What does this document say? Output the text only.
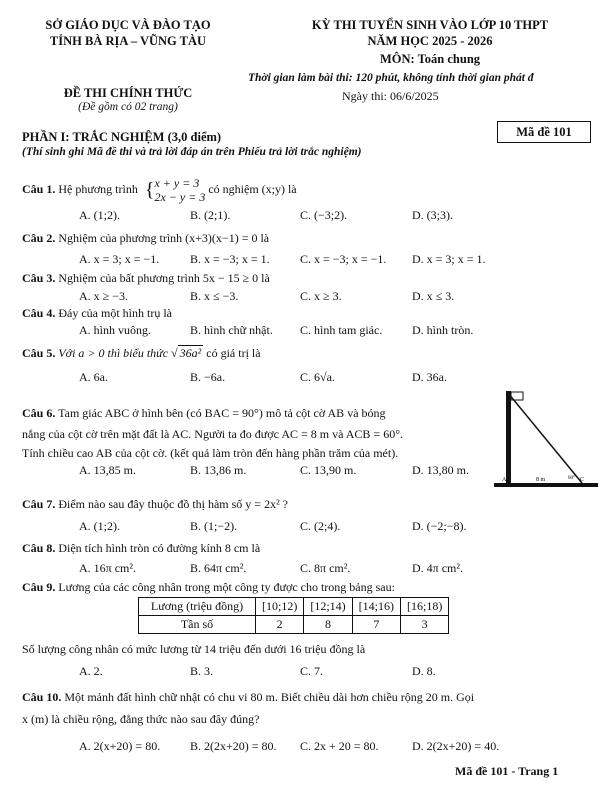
SỞ GIÁO DỤC VÀ ĐÀO TẠO
TỈNH BÀ RỊA – VŨNG TÀU
ĐỀ THI CHÍNH THỨC
(Đề gồm có 02 trang)
KỲ THI TUYỂN SINH VÀO LỚP 10 THPT
NĂM HỌC 2025 - 2026
MÔN: Toán chung
Thời gian làm bài thi: 120 phút, không tính thời gian phát đ
Ngày thi: 06/6/2025
Mã đề 101
PHẦN I: TRẮC NGHIỆM (3,0 điểm)
(Thí sinh ghi Mã đề thi và trả lời đáp án trên Phiếu trả lời trắc nghiệm)
Câu 1. Hệ phương trình {x + y = 3
2x − y = 3 có nghiệm (x;y) là
A. (1;2).	B. (2;1).	C. (−3;2).	D. (3;3).
Câu 2. Nghiệm của phương trình (x+3)(x−1) = 0 là
A. x = 3; x = −1.	B. x = −3; x = 1.	C. x = −3; x = −1. D. x = 3; x = 1.
Câu 3. Nghiệm của bất phương trình 5x − 15 ≥ 0 là
A. x ≥ −3.	B. x ≤ −3.	C. x ≥ 3.	D. x ≤ 3.
Câu 4. Đáy của một hình trụ là
A. hình vuông.	B. hình chữ nhật. C. hình tam giác. D. hình tròn.
Câu 5. Với a > 0 thì biểu thức √ 36a² có giá trị là
A. 6a.	B. −6a.	C. 6√a.	D. 36a.
Câu 6. Tam giác ABC ở hình bên (có BAC = 90°) mô tả cột cờ AB và bóng
nắng của cột cờ trên mặt đất là AC. Người ta đo được AC = 8 m và ACB = 60°.
Tính chiều cao AB của cột cờ. (kết quả làm tròn đến hàng phần trăm của mét).
A. 13,85 m.	B. 13,86 m.	C. 13,90 m.	D. 13,80 m.
A	8 m	C
60°
Câu 7. Điểm nào sau đây thuộc đồ thị hàm số y = 2x² ?
A. (1;2).	B. (1;−2).	C. (2;4).	D. (−2;−8).
Câu 8. Diện tích hình tròn có đường kính 8 cm là
A. 16π cm².	B. 64π cm².	C. 8π cm².	D. 4π cm².
Câu 9. Lương của các công nhân trong một công ty được cho trong bảng sau:
Lương (triệu đồng)	[10;12)	[12;14)	[14;16)	[16;18)
Tần số	2	8	7	3
Số lượng công nhân có mức lương từ 14 triệu đến dưới 16 triệu đồng là
A. 2.	B. 3.	C. 7.	D. 8.
Câu 10. Một mảnh đất hình chữ nhật có chu vi 80 m. Biết chiều dài hơn chiều rộng 20 m. Gọi
x (m) là chiều rộng, đẳng thức nào sau đây đúng?
A. 2(x+20) = 80. B. 2(2x+20) = 80. C. 2x + 20 = 80.	D. 2(2x+20) = 40.
Mã đề 101 - Trang 1
